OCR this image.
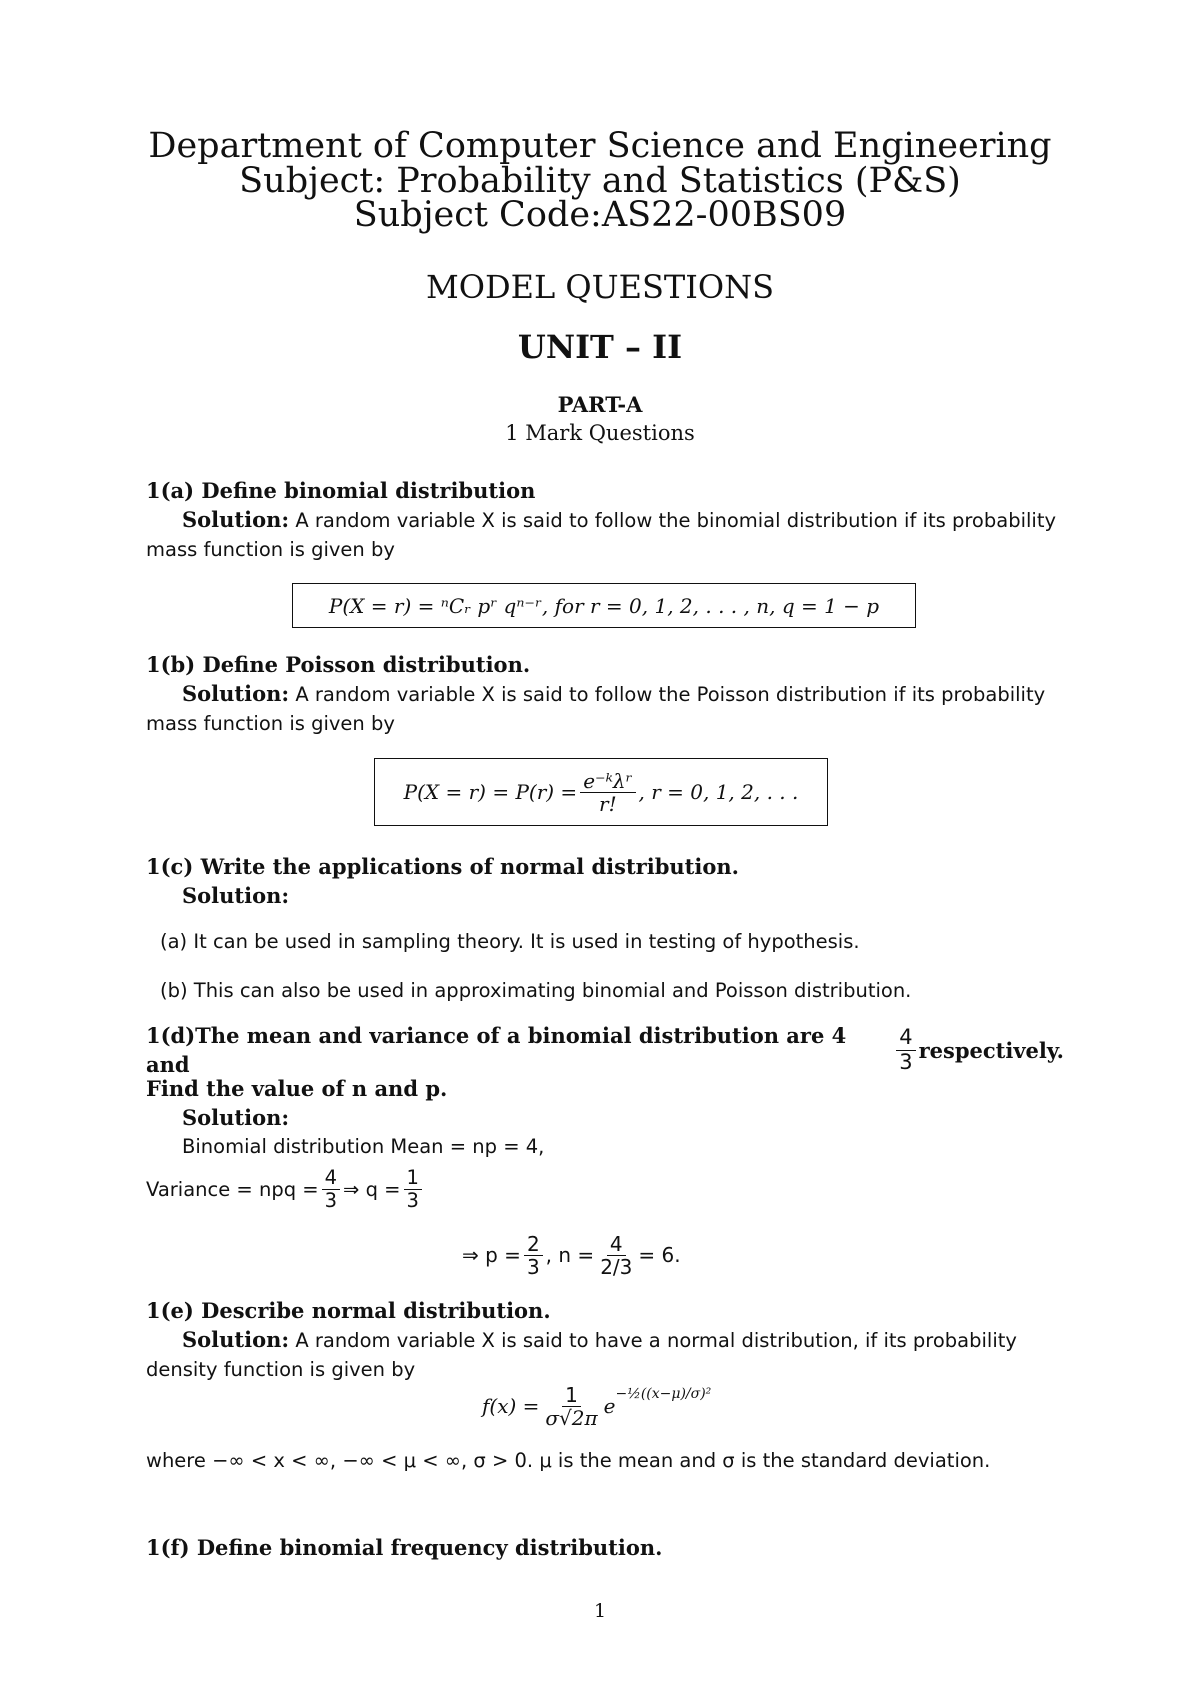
Department of Computer Science and Engineering
Subject: Probability and Statistics (P&S)
Subject Code:AS22-00BS09
MODEL QUESTIONS
UNIT – II
PART-A
1 Mark Questions
1(a) Define binomial distribution
Solution: A random variable X is said to follow the binomial distribution if its probability mass function is given by
P(X = r) = ⁿCᵣ pʳ qⁿ⁻ʳ, for r = 0, 1, 2, . . . , n, q = 1 − p
1(b) Define Poisson distribution.
Solution: A random variable X is said to follow the Poisson distribution if its probability mass function is given by
$P(X = r) = P(r) = \frac{\text{e⁻ᵏλʳ}}{r!}$ , r = 0, 1, 2, . . .
1(c) Write the applications of normal distribution.
Solution:
(a) It can be used in sampling theory. It is used in testing of hypothesis.
(b) This can also be used in approximating binomial and Poisson distribution.
1(d)The mean and variance of a binomial distribution are 4 and	$\frac{4}{3}$ respectively.
Find the value of n and p.
Solution:
Binomial distribution Mean = np = 4,
Variance = npq = $\frac{4}{3}$ ⇒ $q = \frac{1}{3}$
⇒ $p = \frac{2}{3}$ , $n = \frac{4}{2/3} = 6$.
1(e) Describe normal distribution.
Solution: A random variable X is said to have a normal distribution, if its probability density function is given by
$f(x) = \frac{1}{\sigma√2\pi} e^{-\frac{1}{2}((x-\mu)/\sigma)^2}$
where −∞ < x < ∞, −∞ < μ < ∞, σ > 0. μ is the mean and σ is the standard deviation.
1(f) Define binomial frequency distribution.
1
